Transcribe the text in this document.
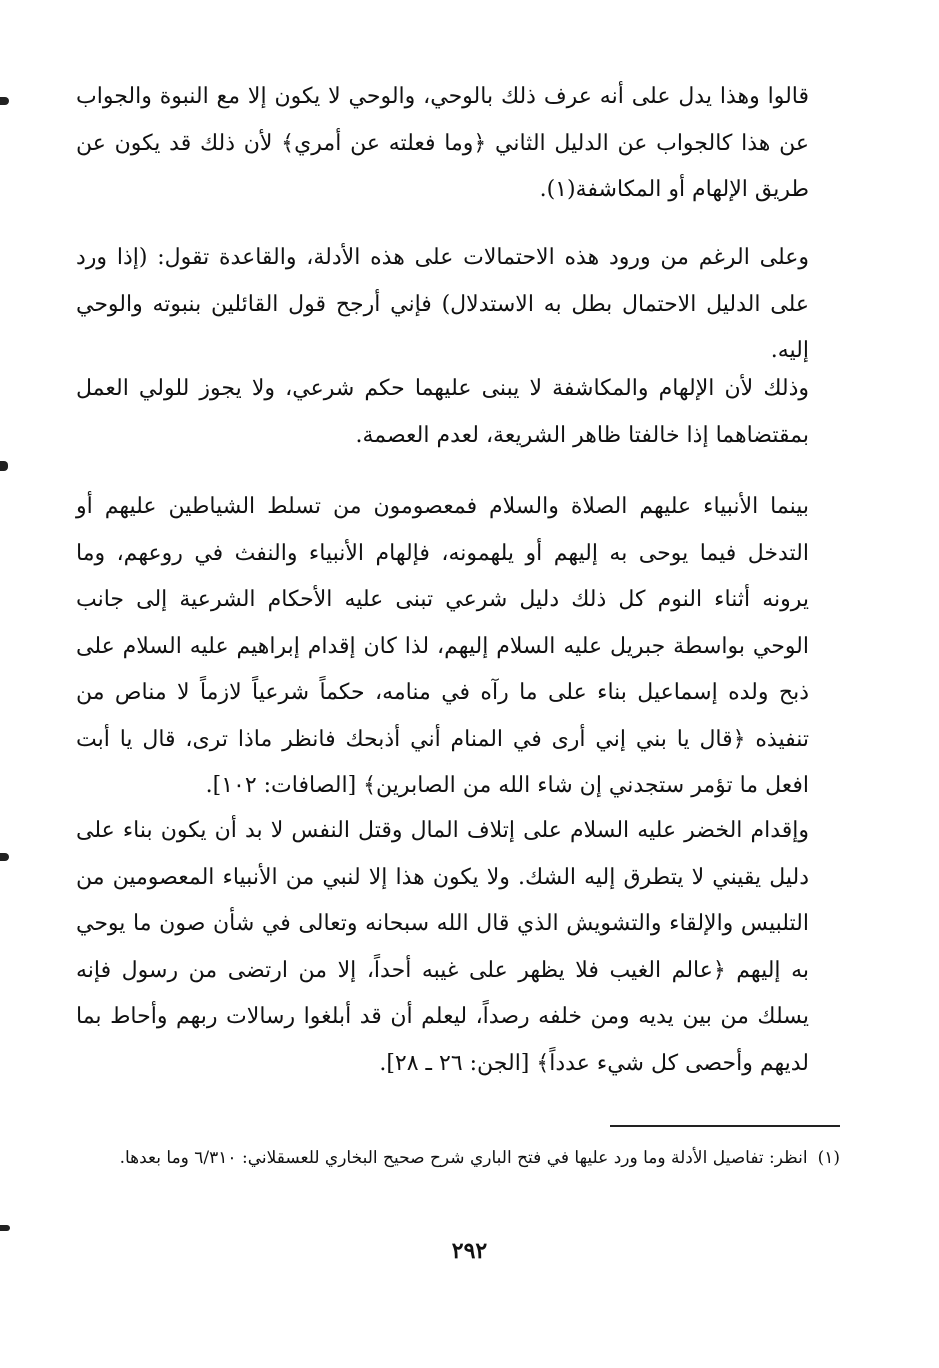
قالوا وهذا يدل على أنه عرف ذلك بالوحي، والوحي لا يكون إلا مع النبوة والجواب عن هذا كالجواب عن الدليل الثاني ﴿وما فعلته عن أمري﴾ لأن ذلك قد يكون عن طريق الإلهام أو المكاشفة(١).

وعلى الرغم من ورود هذه الاحتمالات على هذه الأدلة، والقاعدة تقول: (إذا ورد على الدليل الاحتمال بطل به الاستدلال) فإني أرجح قول القائلين بنبوته والوحي إليه.

وذلك لأن الإلهام والمكاشفة لا يبنى عليهما حكم شرعي، ولا يجوز للولي العمل بمقتضاهما إذا خالفتا ظاهر الشريعة، لعدم العصمة.

بينما الأنبياء عليهم الصلاة والسلام فمعصومون من تسلط الشياطين عليهم أو التدخل فيما يوحى به إليهم أو يلهمونه، فإلهام الأنبياء والنفث في روعهم، وما يرونه أثناء النوم كل ذلك دليل شرعي تبنى عليه الأحكام الشرعية إلى جانب الوحي بواسطة جبريل عليه السلام إليهم، لذا كان إقدام إبراهيم عليه السلام على ذبح ولده إسماعيل بناء على ما رآه في منامه، حكماً شرعياً لازماً لا مناص من تنفيذه ﴿قال يا بني إني أرى في المنام أني أذبحك فانظر ماذا ترى، قال يا أبت افعل ما تؤمر ستجدني إن شاء الله من الصابرين﴾ [الصافات: ١٠٢].

وإقدام الخضر عليه السلام على إتلاف المال وقتل النفس لا بد أن يكون بناء على دليل يقيني لا يتطرق إليه الشك. ولا يكون هذا إلا لنبي من الأنبياء المعصومين من التلبيس والإلقاء والتشويش الذي قال الله سبحانه وتعالى في شأن صون ما يوحي به إليهم ﴿عالم الغيب فلا يظهر على غيبه أحداً، إلا من ارتضى من رسول فإنه يسلك من بين يديه ومن خلفه رصداً، ليعلم أن قد أبلغوا رسالات ربهم وأحاط بما لديهم وأحصى كل شيء عدداً﴾ [الجن: ٢٦ ـ ٢٨].

(١)انظر: تفاصيل الأدلة وما ورد عليها في فتح الباري شرح صحيح البخاري للعسقلاني: ٦/٣١٠ وما بعدها.

٢٩٢
